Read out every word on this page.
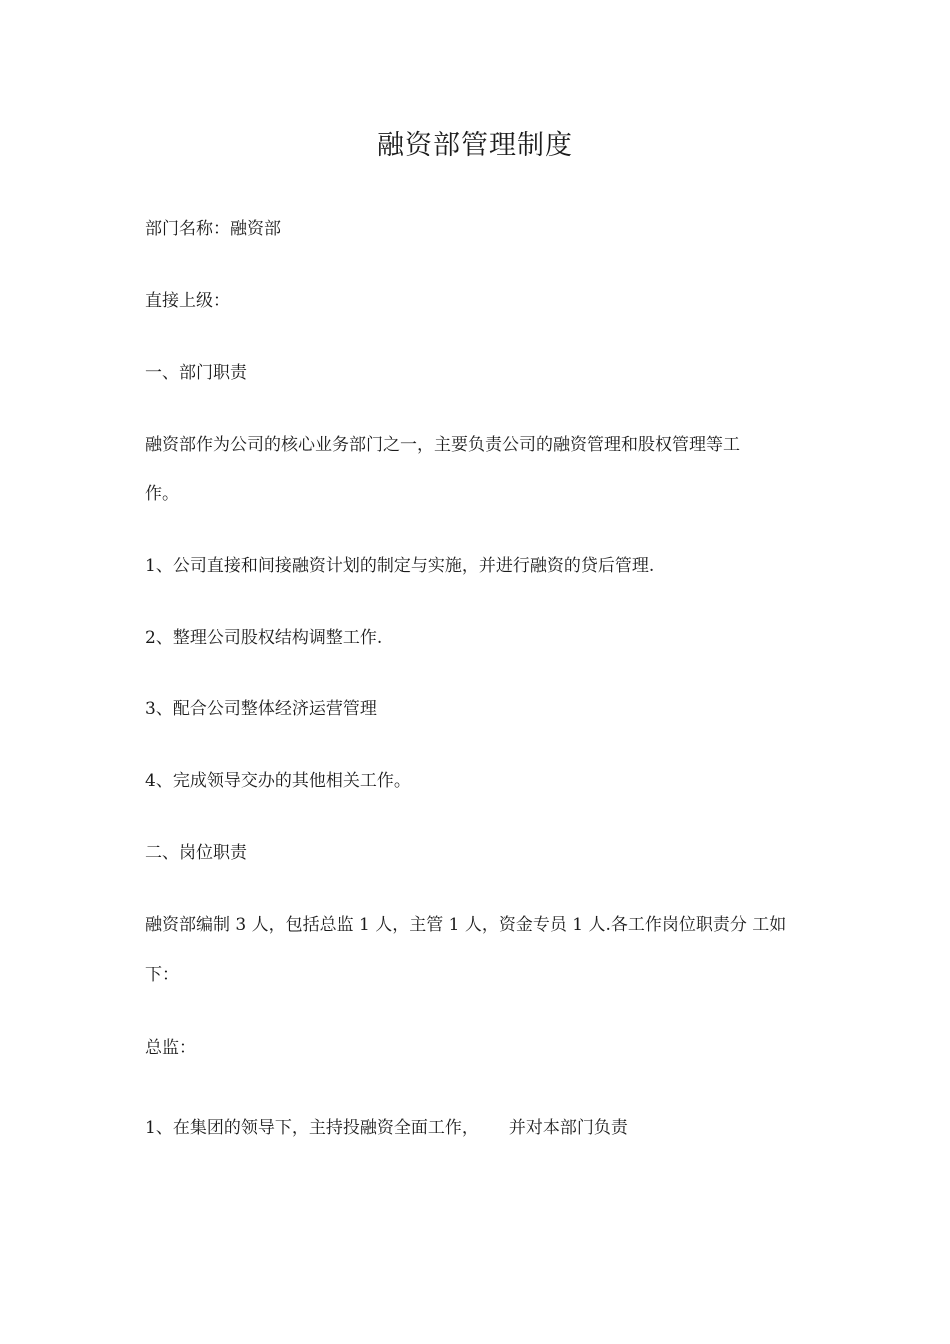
融资部管理制度
部门名称：融资部
直接上级：
一、部门职责
融资部作为公司的核心业务部门之一，主要负责公司的融资管理和股权管理等工
作。
1、公司直接和间接融资计划的制定与实施，并进行融资的贷后管理.
2、整理公司股权结构调整工作.
3、配合公司整体经济运营管理
4、完成领导交办的其他相关工作。
二、岗位职责
融资部编制 3 人，包括总监 1 人，主管 1 人，资金专员 1 人.各工作岗位职责分 工如
下：
总监：
1、在集团的领导下，主持投融资全面工作， 并对本部门负责
